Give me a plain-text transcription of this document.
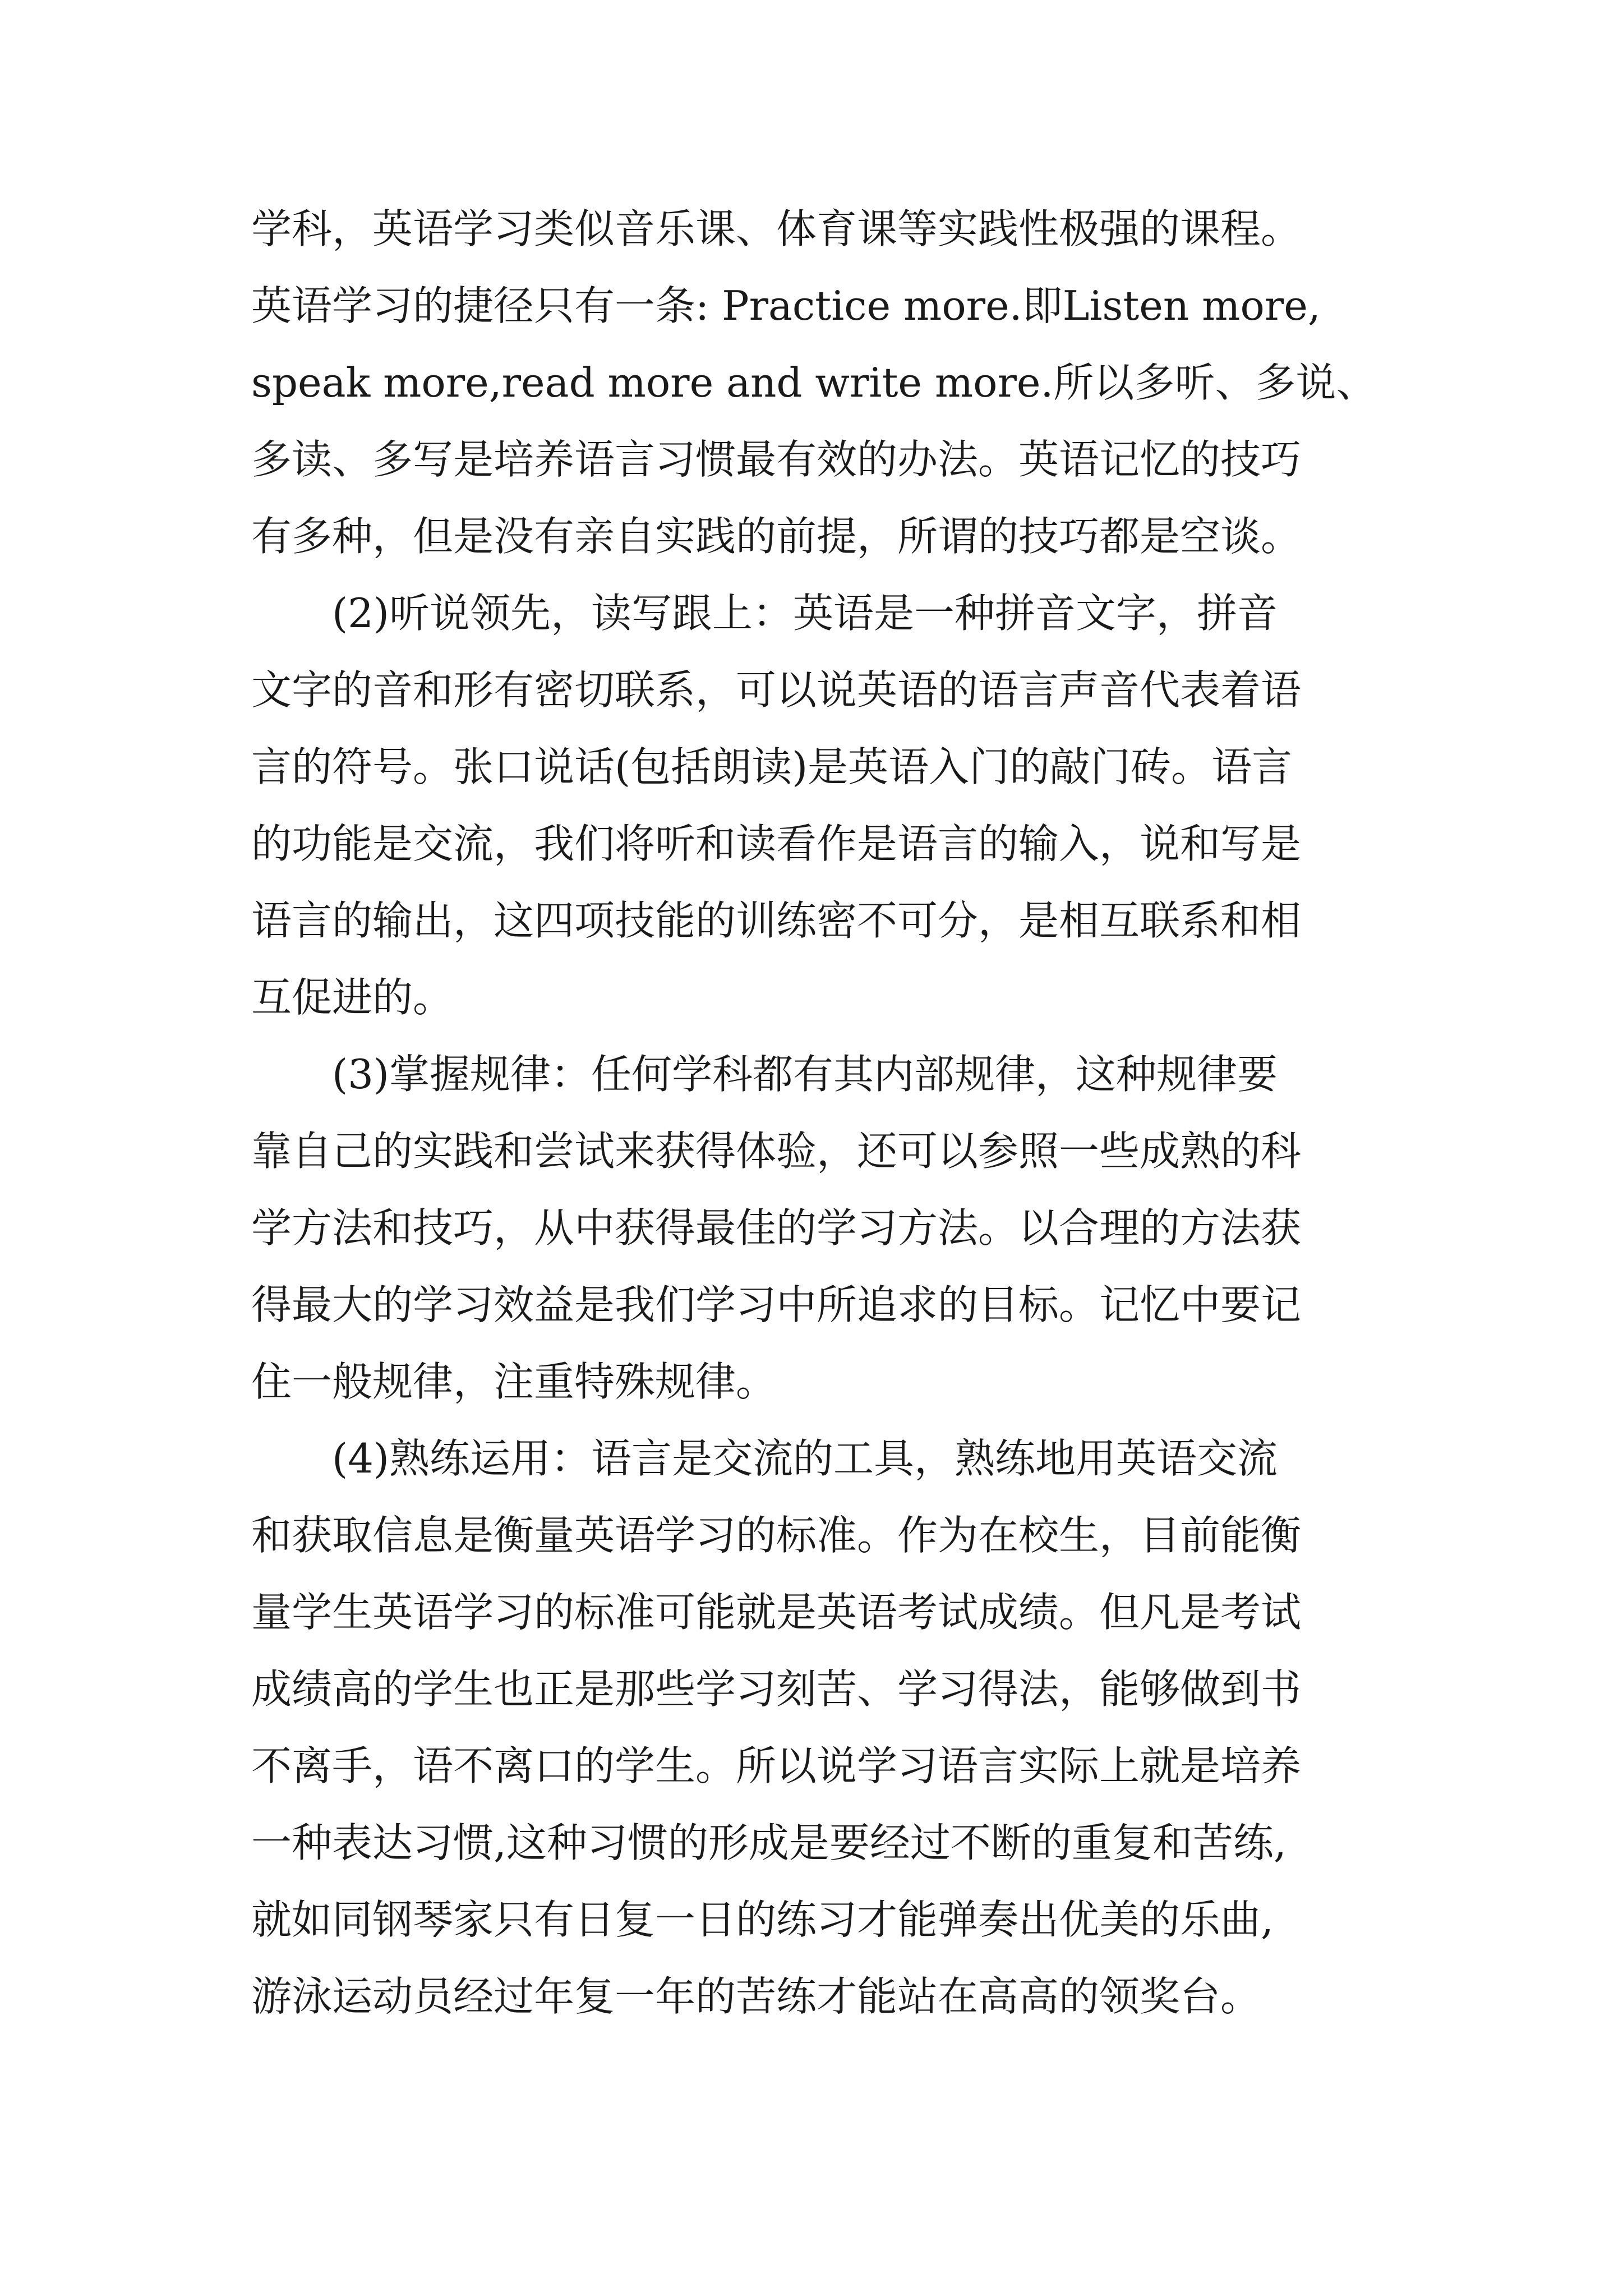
学科，英语学习类似音乐课、体育课等实践性极强的课程。
英语学习的捷径只有一条: Practice more.即Listen more,
speak more,read more and write more.所以多听、多说、
多读、多写是培养语言习惯最有效的办法。英语记忆的技巧
有多种，但是没有亲自实践的前提，所谓的技巧都是空谈。
(2)听说领先，读写跟上：英语是一种拼音文字，拼音
文字的音和形有密切联系，可以说英语的语言声音代表着语
言的符号。张口说话(包括朗读)是英语入门的敲门砖。语言
的功能是交流，我们将听和读看作是语言的输入，说和写是
语言的输出，这四项技能的训练密不可分，是相互联系和相
互促进的。
(3)掌握规律：任何学科都有其内部规律，这种规律要
靠自己的实践和尝试来获得体验，还可以参照一些成熟的科
学方法和技巧，从中获得最佳的学习方法。以合理的方法获
得最大的学习效益是我们学习中所追求的目标。记忆中要记
住一般规律，注重特殊规律。
(4)熟练运用：语言是交流的工具，熟练地用英语交流
和获取信息是衡量英语学习的标准。作为在校生，目前能衡
量学生英语学习的标准可能就是英语考试成绩。但凡是考试
成绩高的学生也正是那些学习刻苦、学习得法，能够做到书
不离手，语不离口的学生。所以说学习语言实际上就是培养
一种表达习惯,这种习惯的形成是要经过不断的重复和苦练,
就如同钢琴家只有日复一日的练习才能弹奏出优美的乐曲,
游泳运动员经过年复一年的苦练才能站在高高的领奖台。
